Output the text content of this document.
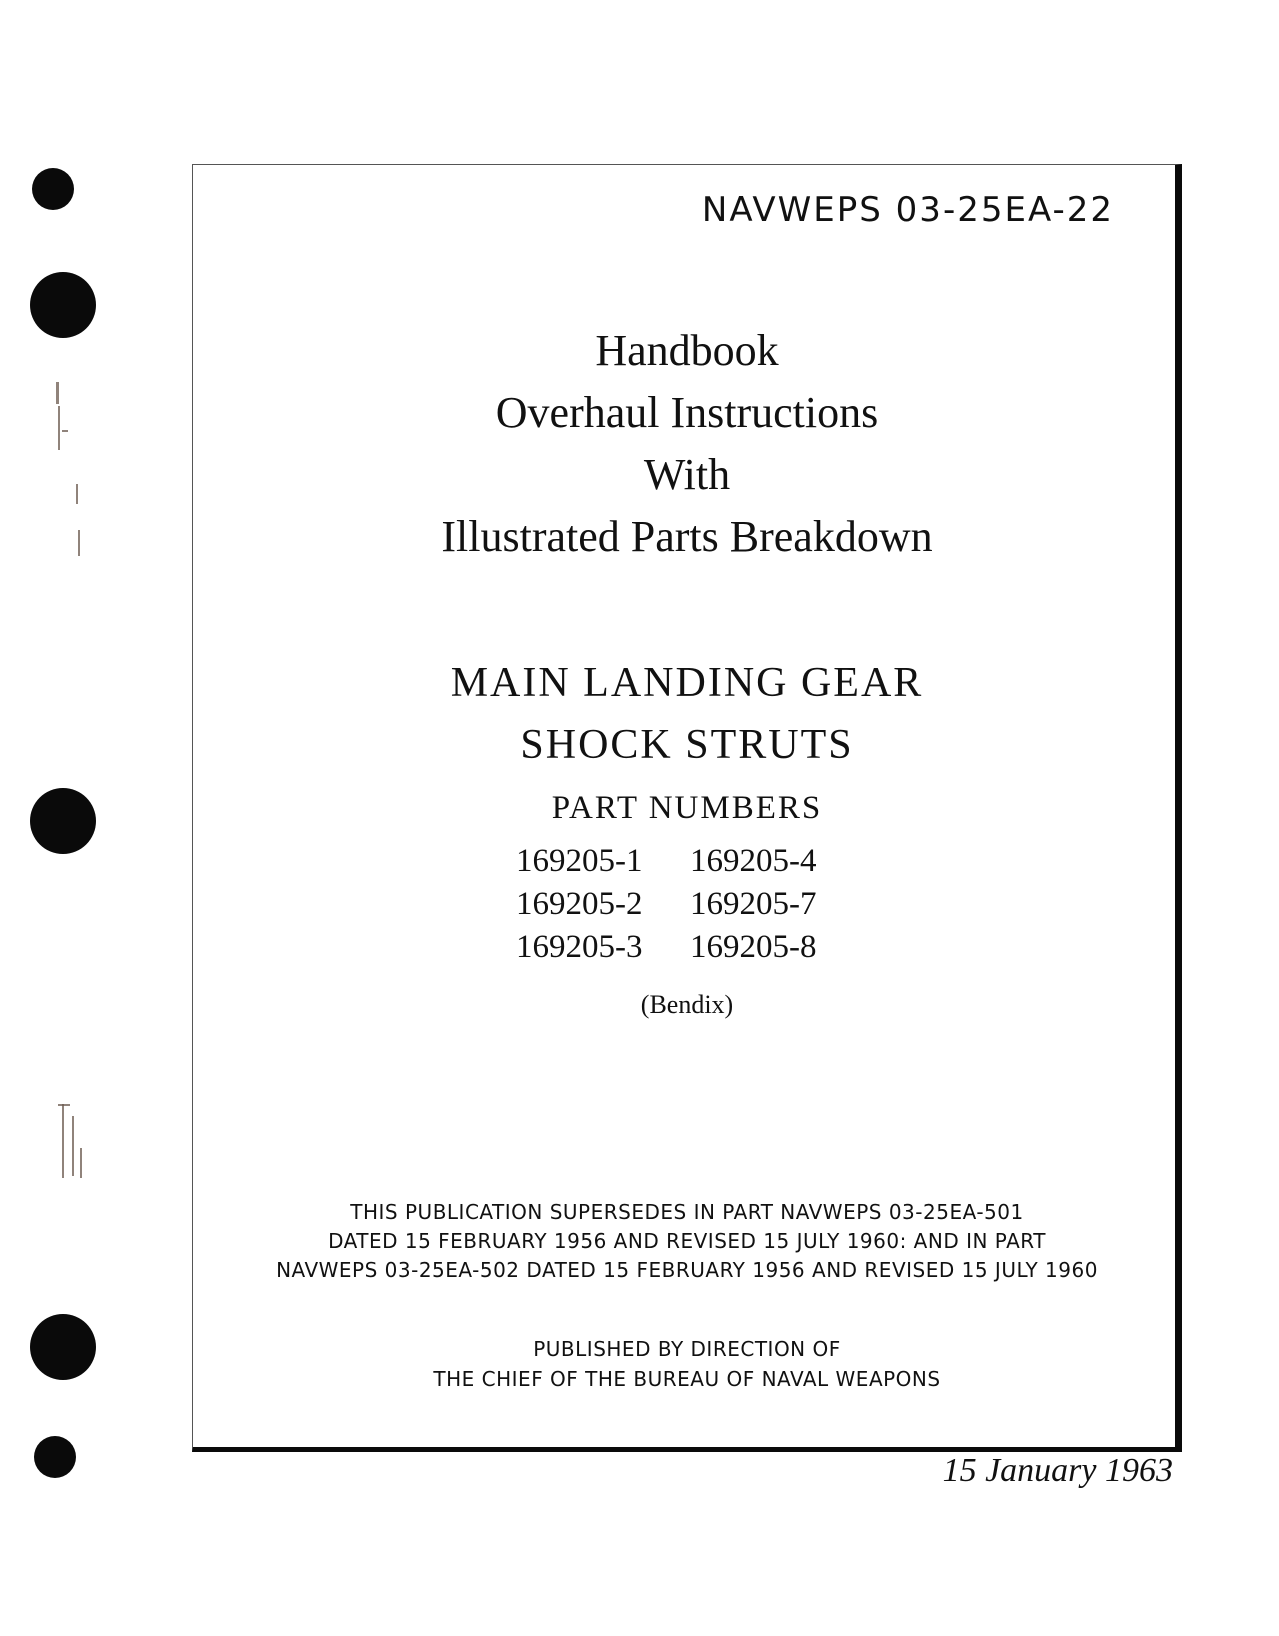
NAVWEPS 03-25EA-22
Handbook
Overhaul Instructions
With
Illustrated Parts Breakdown
MAIN LANDING GEAR
SHOCK STRUTS
PART NUMBERS
169205-1	169205-4
169205-2	169205-7
169205-3	169205-8
(Bendix)
THIS PUBLICATION SUPERSEDES IN PART NAVWEPS 03-25EA-501
DATED 15 FEBRUARY 1956 AND REVISED 15 JULY 1960: AND IN PART
NAVWEPS 03-25EA-502 DATED 15 FEBRUARY 1956 AND REVISED 15 JULY 1960
PUBLISHED BY DIRECTION OF
THE CHIEF OF THE BUREAU OF NAVAL WEAPONS
15 January 1963
